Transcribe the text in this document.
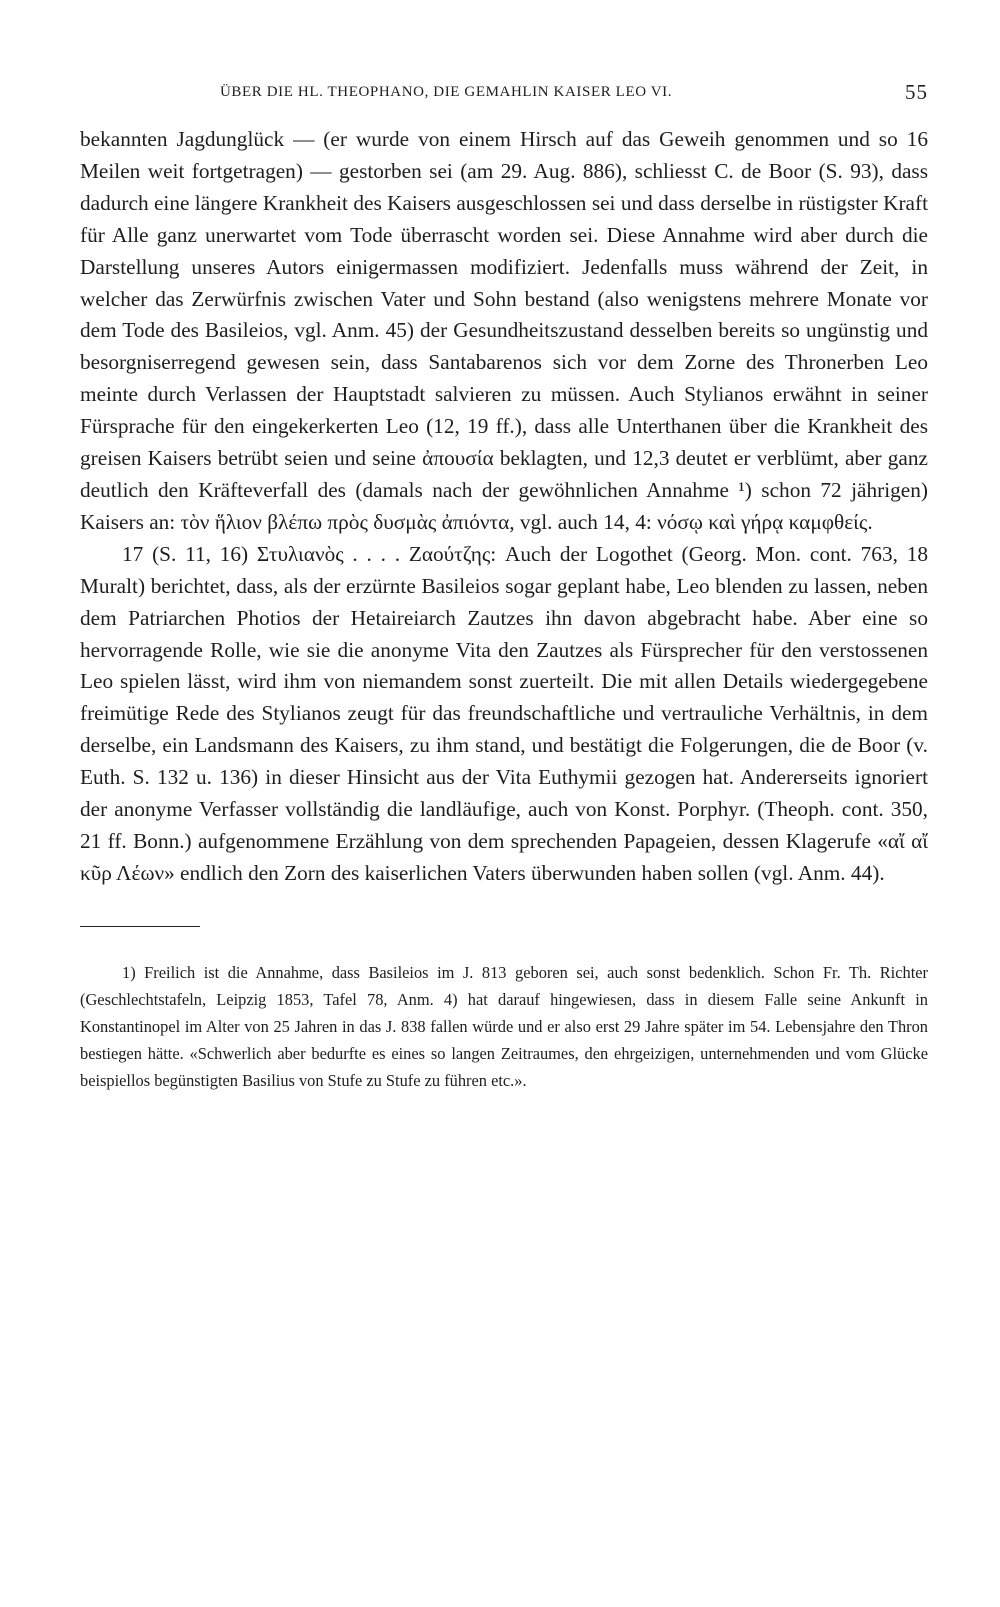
ÜBER DIE HL. THEOPHANO, DIE GEMAHLIN KAISER LEO VI.	55

bekannten Jagdunglück — (er wurde von einem Hirsch auf das Geweih genommen und so 16 Meilen weit fortgetragen) — gestorben sei (am 29. Aug. 886), schliesst C. de Boor (S. 93), dass dadurch eine längere Krankheit des Kaisers ausgeschlossen sei und dass derselbe in rüstigster Kraft für Alle ganz unerwartet vom Tode überrascht worden sei. Diese Annahme wird aber durch die Darstellung unseres Autors einigermassen modifiziert. Jedenfalls muss während der Zeit, in welcher das Zerwürfnis zwischen Vater und Sohn bestand (also wenigstens mehrere Monate vor dem Tode des Basileios, vgl. Anm. 45) der Gesundheitszustand desselben bereits so ungünstig und besorgniserregend gewesen sein, dass Santabarenos sich vor dem Zorne des Thronerben Leo meinte durch Verlassen der Hauptstadt salvieren zu müssen. Auch Stylianos erwähnt in seiner Fürsprache für den eingekerkerten Leo (12, 19 ff.), dass alle Unterthanen über die Krankheit des greisen Kaisers betrübt seien und seine ἀπουσία beklagten, und 12,3 deutet er verblümt, aber ganz deutlich den Kräfteverfall des (damals nach der gewöhnlichen Annahme ¹) schon 72 jährigen) Kaisers an: τὸν ἥλιον βλέπω πρὸς δυσμὰς ἀπιόντα, vgl. auch 14, 4: νόσῳ καὶ γήρᾳ καμφθείς.

17 (S. 11, 16) Στυλιανὸς . . . . Ζαούτζης: Auch der Logothet (Georg. Mon. cont. 763, 18 Muralt) berichtet, dass, als der erzürnte Basileios sogar geplant habe, Leo blenden zu lassen, neben dem Patriarchen Photios der Hetaireiarch Zautzes ihn davon abgebracht habe. Aber eine so hervorragende Rolle, wie sie die anonyme Vita den Zautzes als Fürsprecher für den verstossenen Leo spielen lässt, wird ihm von niemandem sonst zuerteilt. Die mit allen Details wiedergegebene freimütige Rede des Stylianos zeugt für das freundschaftliche und vertrauliche Verhältnis, in dem derselbe, ein Landsmann des Kaisers, zu ihm stand, und bestätigt die Folgerungen, die de Boor (v. Euth. S. 132 u. 136) in dieser Hinsicht aus der Vita Euthymii gezogen hat. Andererseits ignoriert der anonyme Verfasser vollständig die landläufige, auch von Konst. Porphyr. (Theoph. cont. 350, 21 ff. Bonn.) aufgenommene Erzählung von dem sprechenden Papageien, dessen Klagerufe «αἴ αἴ κῦρ Λέων» endlich den Zorn des kaiserlichen Vaters überwunden haben sollen (vgl. Anm. 44).

1) Freilich ist die Annahme, dass Basileios im J. 813 geboren sei, auch sonst bedenklich. Schon Fr. Th. Richter (Geschlechtstafeln, Leipzig 1853, Tafel 78, Anm. 4) hat darauf hingewiesen, dass in diesem Falle seine Ankunft in Konstantinopel im Alter von 25 Jahren in das J. 838 fallen würde und er also erst 29 Jahre später im 54. Lebensjahre den Thron bestiegen hätte. «Schwerlich aber bedurfte es eines so langen Zeitraumes, den ehrgeizigen, unternehmenden und vom Glücke beispiellos begünstigten Basilius von Stufe zu Stufe zu führen etc.».
